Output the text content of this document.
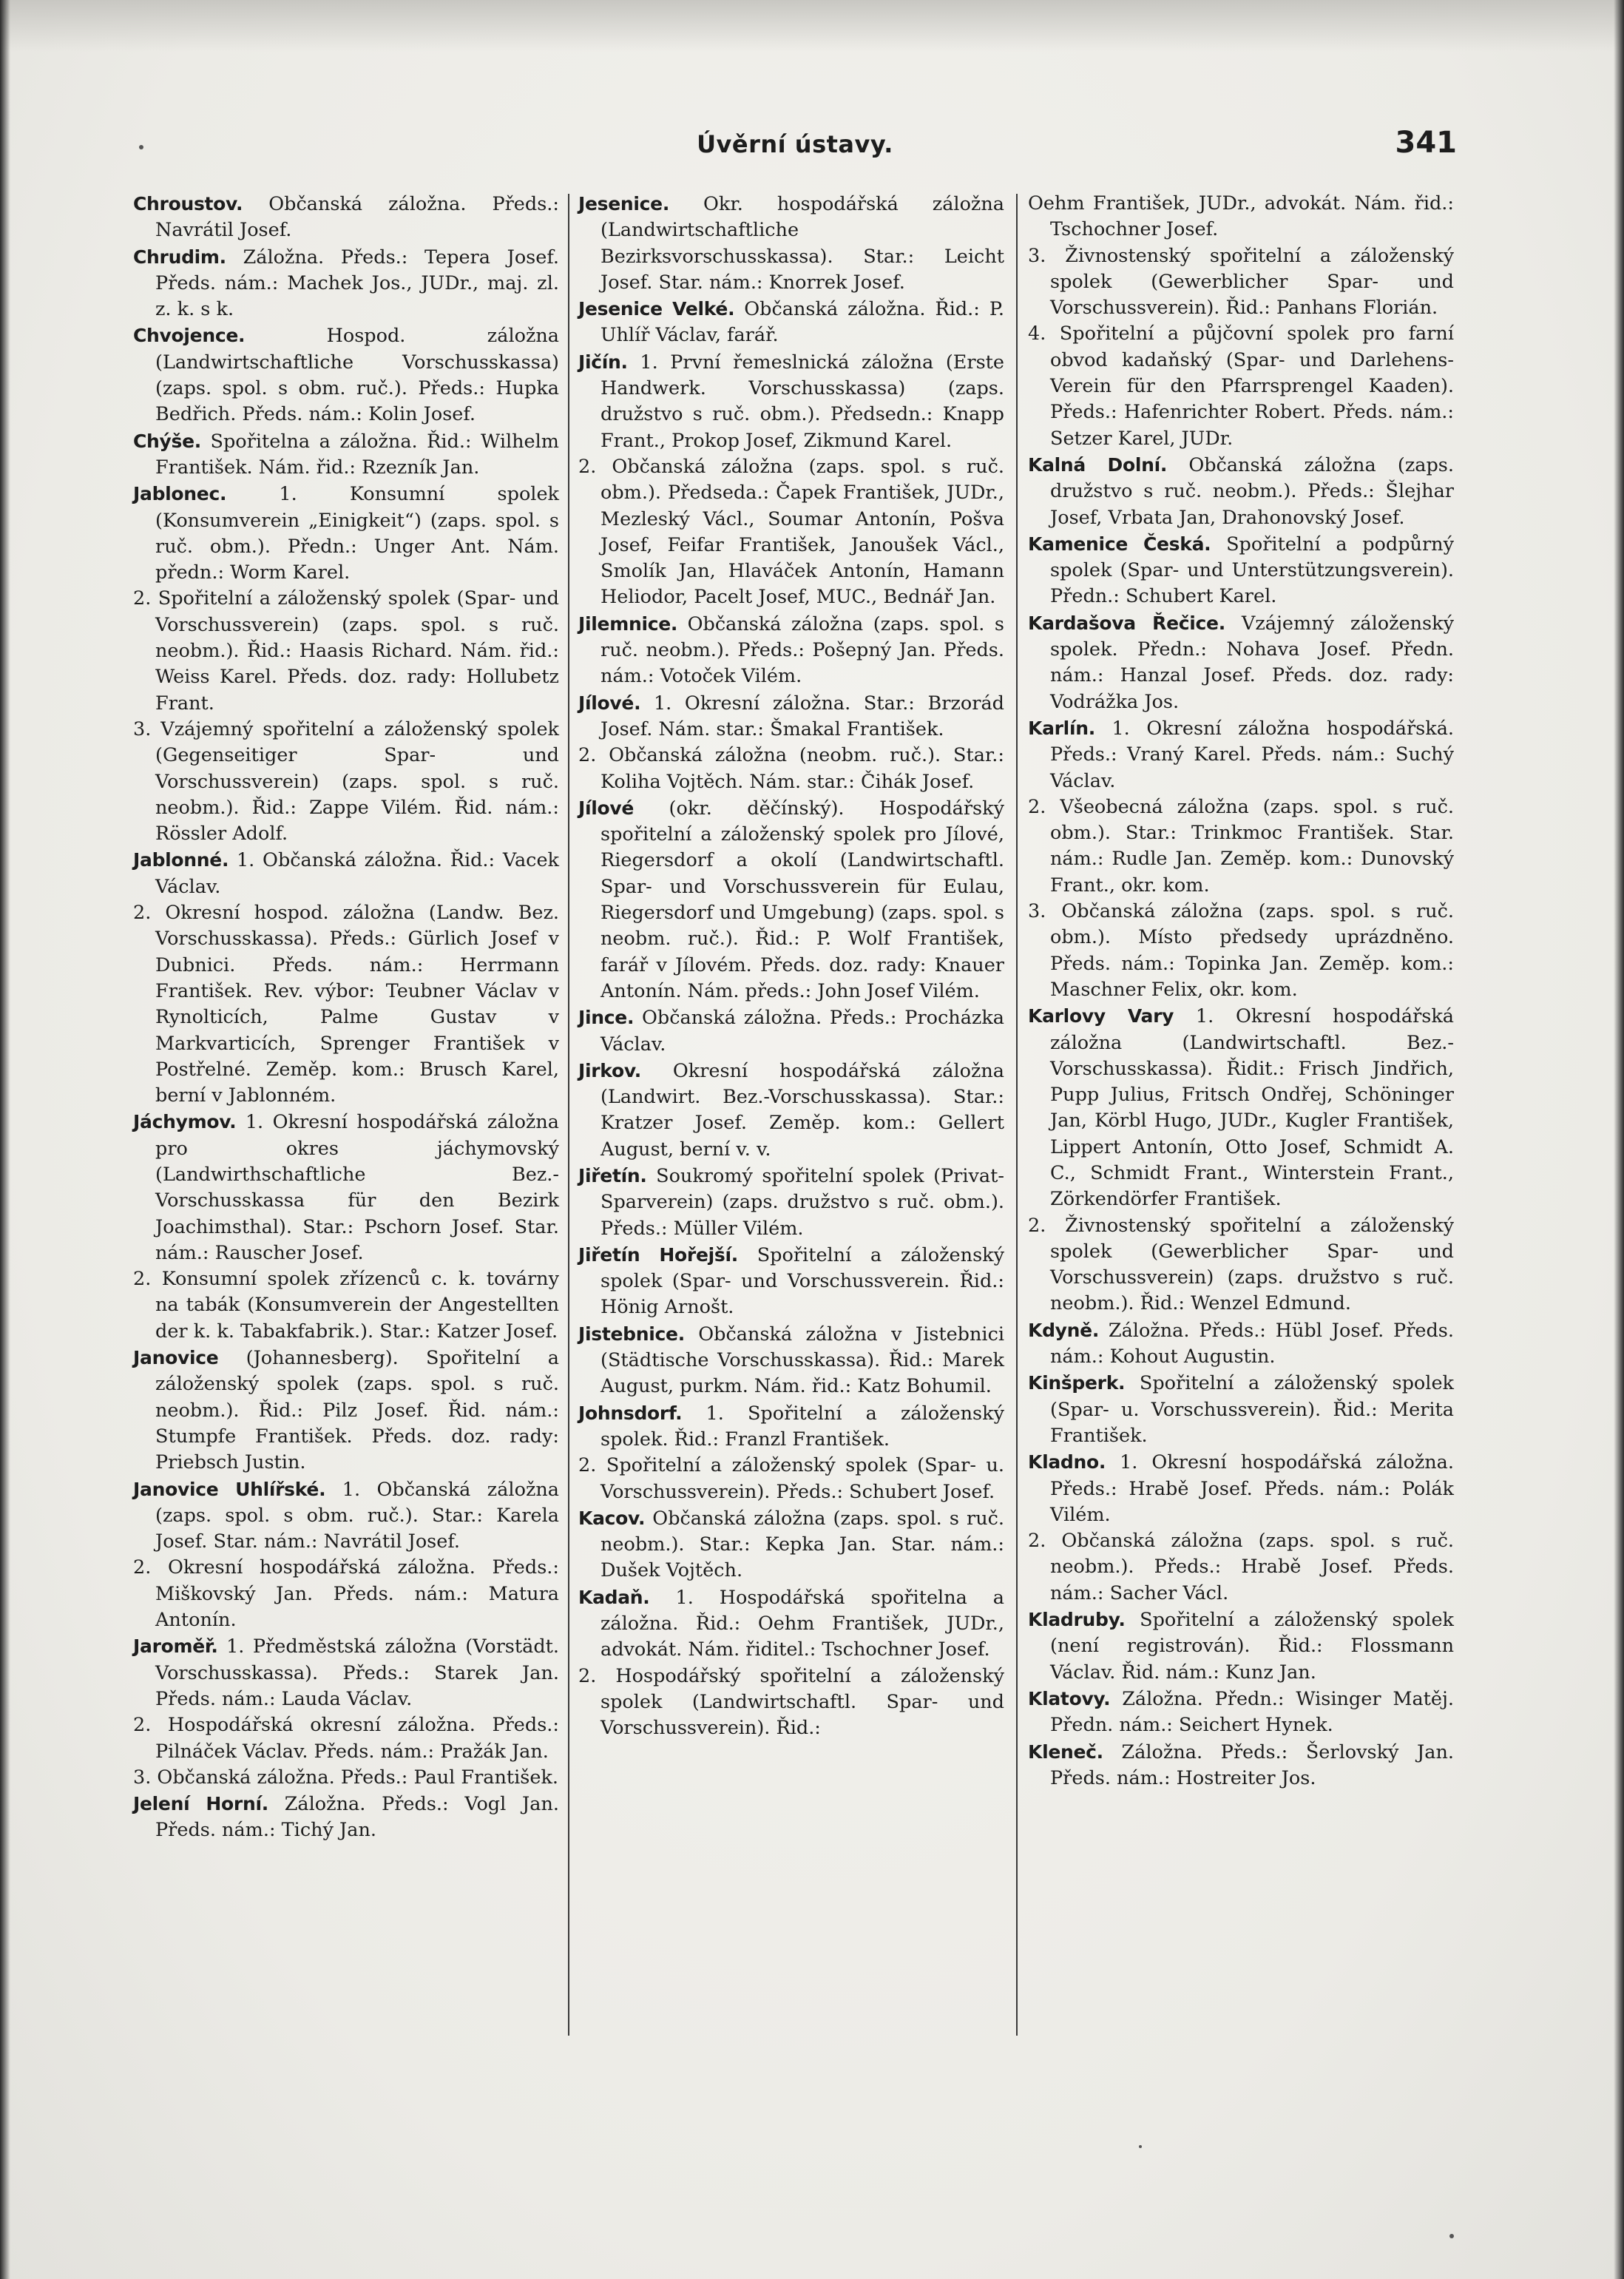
Úvěrní ústavy.	341

Chroustov. Občanská záložna. Předs.: Navrátil Josef.

Chrudim. Záložna. Předs.: Tepera Josef. Předs. nám.: Machek Jos., JUDr., maj. zl. z. k. s k.

Chvojence.	Hospod. záložna (Landwirtschaftliche Vorschusskassa) (zaps. spol. s obm. ruč.). Předs.: Hupka Bedřich. Předs. nám.: Kolin Josef.

Chýše. Spořitelna a záložna. Řid.: Wilhelm František. Nám. řid.: Rzezník Jan.

Jablonec.	1. Konsumní spolek (Konsumverein „Einigkeit“) (zaps. spol. s ruč. obm.). Předn.: Unger Ant. Nám. předn.: Worm Karel.

2. Spořitelní a záloženský spolek (Spar- und Vorschussverein) (zaps. spol. s ruč. neobm.). Řid.: Haasis Richard. Nám. řid.: Weiss Karel. Předs. doz. rady: Hollubetz Frant.

3. Vzájemný spořitelní a záloženský spolek (Gegenseitiger Spar- und Vorschussverein) (zaps. spol. s ruč. neobm.). Řid.: Zappe Vilém. Řid. nám.: Rössler Adolf.

Jablonné. 1. Občanská záložna. Řid.: Vacek Václav.

2. Okresní hospod. záložna (Landw. Bez. Vorschusskassa). Předs.: Gürlich Josef v Dubnici. Předs. nám.: Herrmann František. Rev. výbor: Teubner Václav v Rynolticích, Palme Gustav v Markvarticích, Sprenger František v Postřelné. Zeměp. kom.: Brusch Karel, berní v Jablonném.

Jáchymov. 1. Okresní hospodářská záložna pro okres jáchymovský (Landwirthschaftliche Bez.-Vorschusskassa für den Bezirk Joachimsthal). Star.: Pschorn Josef. Star. nám.: Rauscher Josef.

2. Konsumní spolek zřízenců c. k. továrny na tabák (Konsumverein der Angestellten der k. k. Tabakfabrik.). Star.: Katzer Josef.

Janovice (Johannesberg). Spořitelní a záloženský spolek (zaps. spol. s ruč. neobm.). Řid.: Pilz Josef. Řid. nám.: Stumpfe František. Předs. doz. rady: Priebsch Justin.

Janovice Uhlířské. 1. Občanská záložna (zaps. spol. s obm. ruč.). Star.: Karela Josef. Star. nám.: Navrátil Josef.

2. Okresní hospodářská záložna. Předs.: Miškovský Jan. Předs. nám.: Matura Antonín.

Jaroměř. 1. Předměstská záložna (Vorstädt. Vorschusskassa). Předs.: Starek Jan. Předs. nám.: Lauda Václav.

2. Hospodářská okresní záložna. Předs.: Pilnáček Václav. Předs. nám.: Pražák Jan.

3. Občanská záložna. Předs.: Paul František.

Jelení Horní. Záložna. Předs.: Vogl Jan. Předs. nám.: Tichý Jan.

Jesenice. Okr. hospodářská záložna (Landwirtschaftliche Bezirksvorschusskassa). Star.: Leicht Josef. Star. nám.: Knorrek Josef.

Jesenice Velké. Občanská záložna. Řid.: P. Uhlíř Václav, farář.

Jičín. 1. První řemeslnická záložna (Erste Handwerk. Vorschusskassa) (zaps. družstvo s ruč. obm.). Předsedn.: Knapp Frant., Prokop Josef, Zikmund Karel.

2. Občanská záložna (zaps. spol. s ruč. obm.). Předseda.: Čapek František, JUDr., Mezleský Václ., Soumar Antonín, Pošva Josef, Feifar František, Janoušek Václ., Smolík Jan, Hlaváček Antonín, Hamann Heliodor, Pacelt Josef, MUC., Bednář Jan.

Jilemnice. Občanská záložna (zaps. spol. s ruč. neobm.). Předs.: Pošepný Jan. Předs. nám.: Votoček Vilém.

Jílové. 1. Okresní záložna. Star.: Brzorád Josef. Nám. star.: Šmakal František.

2. Občanská záložna (neobm. ruč.). Star.: Koliha Vojtěch. Nám. star.: Čihák Josef.

Jílové (okr. děčínský). Hospodářský spořitelní a záloženský spolek pro Jílové, Riegersdorf a okolí (Landwirtschaftl. Spar- und Vorschussverein für Eulau, Riegersdorf und Umgebung) (zaps. spol. s neobm. ruč.). Řid.: P. Wolf František, farář v Jílovém. Předs. doz. rady: Knauer Antonín. Nám. předs.: John Josef Vilém.

Jince. Občanská záložna. Předs.: Procházka Václav.

Jirkov. Okresní hospodářská záložna (Landwirt. Bez.-Vorschusskassa). Star.: Kratzer Josef. Zeměp. kom.: Gellert August, berní v. v.

Jiřetín. Soukromý spořitelní spolek (Privat-Sparverein) (zaps. družstvo s ruč. obm.). Předs.: Müller Vilém.

Jiřetín Hořejší. Spořitelní a záloženský spolek (Spar- und Vorschussverein. Řid.: Hönig Arnošt.

Jistebnice. Občanská záložna v Jistebnici (Städtische Vorschusskassa). Řid.: Marek August, purkm. Nám. řid.: Katz Bohumil.

Johnsdorf. 1. Spořitelní a záloženský spolek. Řid.: Franzl František.

2. Spořitelní a záloženský spolek (Spar- u. Vorschussverein). Předs.: Schubert Josef.

Kacov. Občanská záložna (zaps. spol. s ruč. neobm.). Star.: Kepka Jan. Star. nám.: Dušek Vojtěch.

Kadaň. 1. Hospodářská spořitelna a záložna. Řid.: Oehm František, JUDr., advokát. Nám. řiditel.: Tschochner Josef.

2. Hospodářský spořitelní a záloženský spolek (Landwirtschaftl. Spar- und Vorschussverein). Řid.:

Oehm František, JUDr., advokát. Nám. řid.: Tschochner Josef.

3. Živnostenský spořitelní a záloženský spolek (Gewerblicher Spar- und Vorschussverein). Řid.: Panhans Florián.

4. Spořitelní a půjčovní spolek pro farní obvod kadaňský (Spar- und Darlehens-Verein für den Pfarrsprengel Kaaden). Předs.: Hafenrichter Robert. Předs. nám.: Setzer Karel, JUDr.

Kalná Dolní. Občanská záložna (zaps. družstvo s ruč. neobm.). Předs.: Šlejhar Josef, Vrbata Jan, Drahonovský Josef.

Kamenice Česká. Spořitelní a podpůrný spolek (Spar- und Unterstützungsverein). Předn.: Schubert Karel.

Kardašova Řečice. Vzájemný záloženský spolek. Předn.: Nohava Josef. Předn. nám.: Hanzal Josef. Předs. doz. rady: Vodrážka Jos.

Karlín. 1. Okresní záložna hospodářská. Předs.: Vraný Karel. Předs. nám.: Suchý Václav.

2. Všeobecná záložna (zaps. spol. s ruč. obm.). Star.: Trinkmoc František. Star. nám.: Rudle Jan. Zeměp. kom.: Dunovský Frant., okr. kom.

3. Občanská záložna (zaps. spol. s ruč. obm.). Místo předsedy uprázdněno. Předs. nám.: Topinka Jan. Zeměp. kom.: Maschner Felix, okr. kom.

Karlovy Vary 1. Okresní hospodářská záložna (Landwirtschaftl. Bez.-Vorschusskassa). Řidit.: Frisch Jindřich, Pupp Julius, Fritsch Ondřej, Schöninger Jan, Körbl Hugo, JUDr., Kugler František, Lippert Antonín, Otto Josef, Schmidt A. C., Schmidt Frant., Winterstein Frant., Zörkendörfer František.

2. Živnostenský spořitelní a záloženský spolek (Gewerblicher Spar- und Vorschussverein) (zaps. družstvo s ruč. neobm.). Řid.: Wenzel Edmund.

Kdyně. Záložna. Předs.: Hübl Josef. Předs. nám.: Kohout Augustin.

Kinšperk. Spořitelní a záloženský spolek (Spar- u. Vorschussverein). Řid.: Merita František.

Kladno. 1. Okresní hospodářská záložna. Předs.: Hrabě Josef. Předs. nám.: Polák Vilém.

2. Občanská záložna (zaps. spol. s ruč. neobm.). Předs.: Hrabě Josef. Předs. nám.: Sacher Václ.

Kladruby. Spořitelní a záloženský spolek (není registrován). Řid.: Flossmann Václav. Řid. nám.: Kunz Jan.

Klatovy. Záložna. Předn.: Wisinger Matěj. Předn. nám.: Seichert Hynek.

Kleneč. Záložna. Předs.: Šerlovský Jan. Předs. nám.: Hostreiter Jos.
